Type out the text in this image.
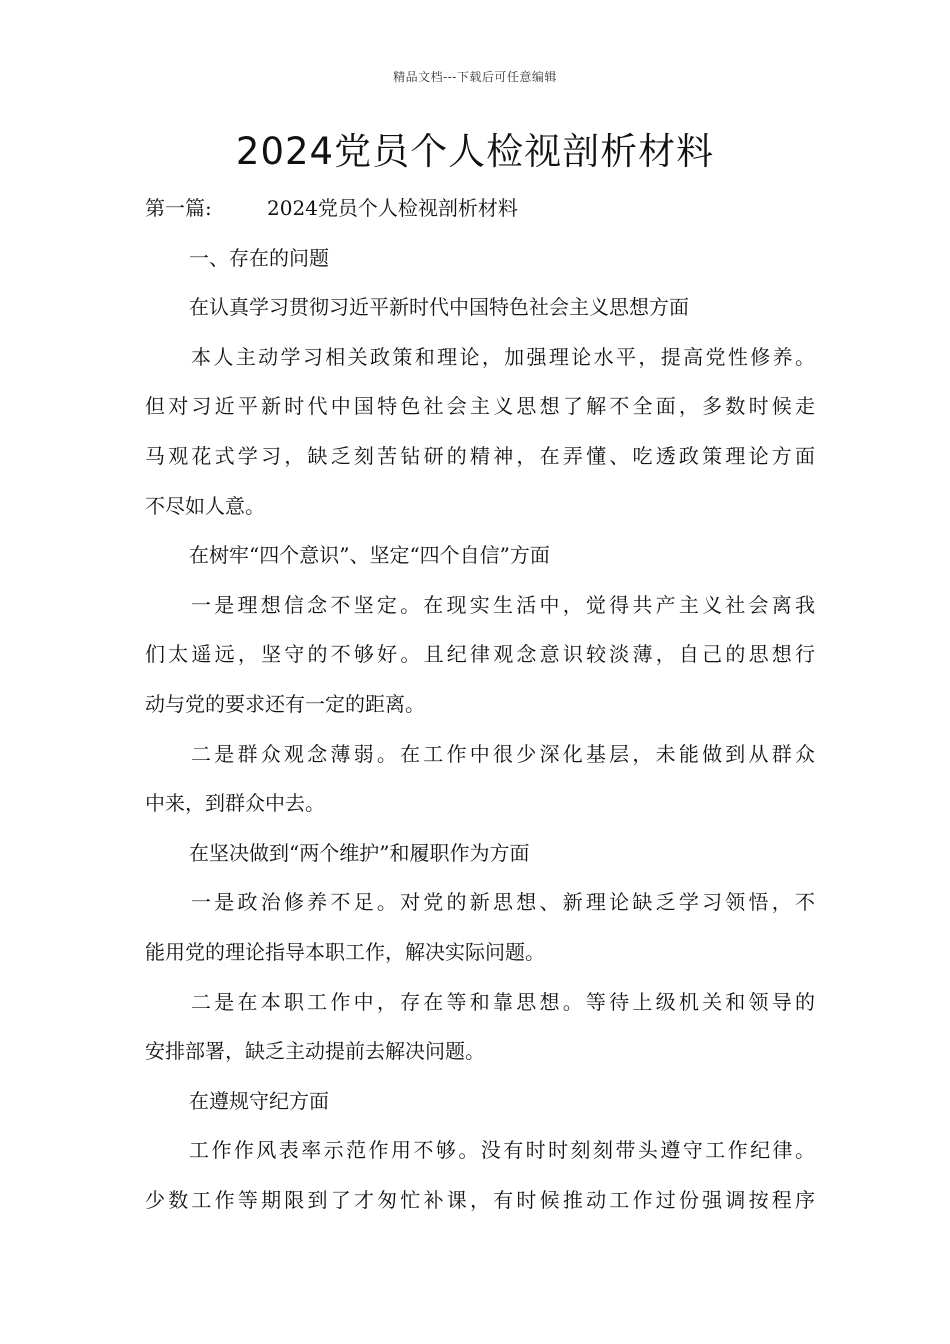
精品文档---下载后可任意编辑
2024党员个人检视剖析材料

第一篇:	2024党员个人检视剖析材料

一、存在的问题

在认真学习贯彻习近平新时代中国特色社会主义思想方面

本人主动学习相关政策和理论，加强理论水平，提高党性修养。

但对习近平新时代中国特色社会主义思想了解不全面，多数时候走

马观花式学习，缺乏刻苦钻研的精神，在弄懂、吃透政策理论方面

不尽如人意。

在树牢“四个意识”、坚定“四个自信”方面

一是理想信念不坚定。在现实生活中，觉得共产主义社会离我

们太遥远，坚守的不够好。且纪律观念意识较淡薄，自己的思想行

动与党的要求还有一定的距离。

二是群众观念薄弱。在工作中很少深化基层，未能做到从群众

中来，到群众中去。

在坚决做到“两个维护”和履职作为方面

一是政治修养不足。对党的新思想、新理论缺乏学习领悟，不

能用党的理论指导本职工作，解决实际问题。

二是在本职工作中，存在等和靠思想。等待上级机关和领导的

安排部署，缺乏主动提前去解决问题。

在遵规守纪方面

工作作风表率示范作用不够。没有时时刻刻带头遵守工作纪律。

少数工作等期限到了才匆忙补课，有时候推动工作过份强调按程序
